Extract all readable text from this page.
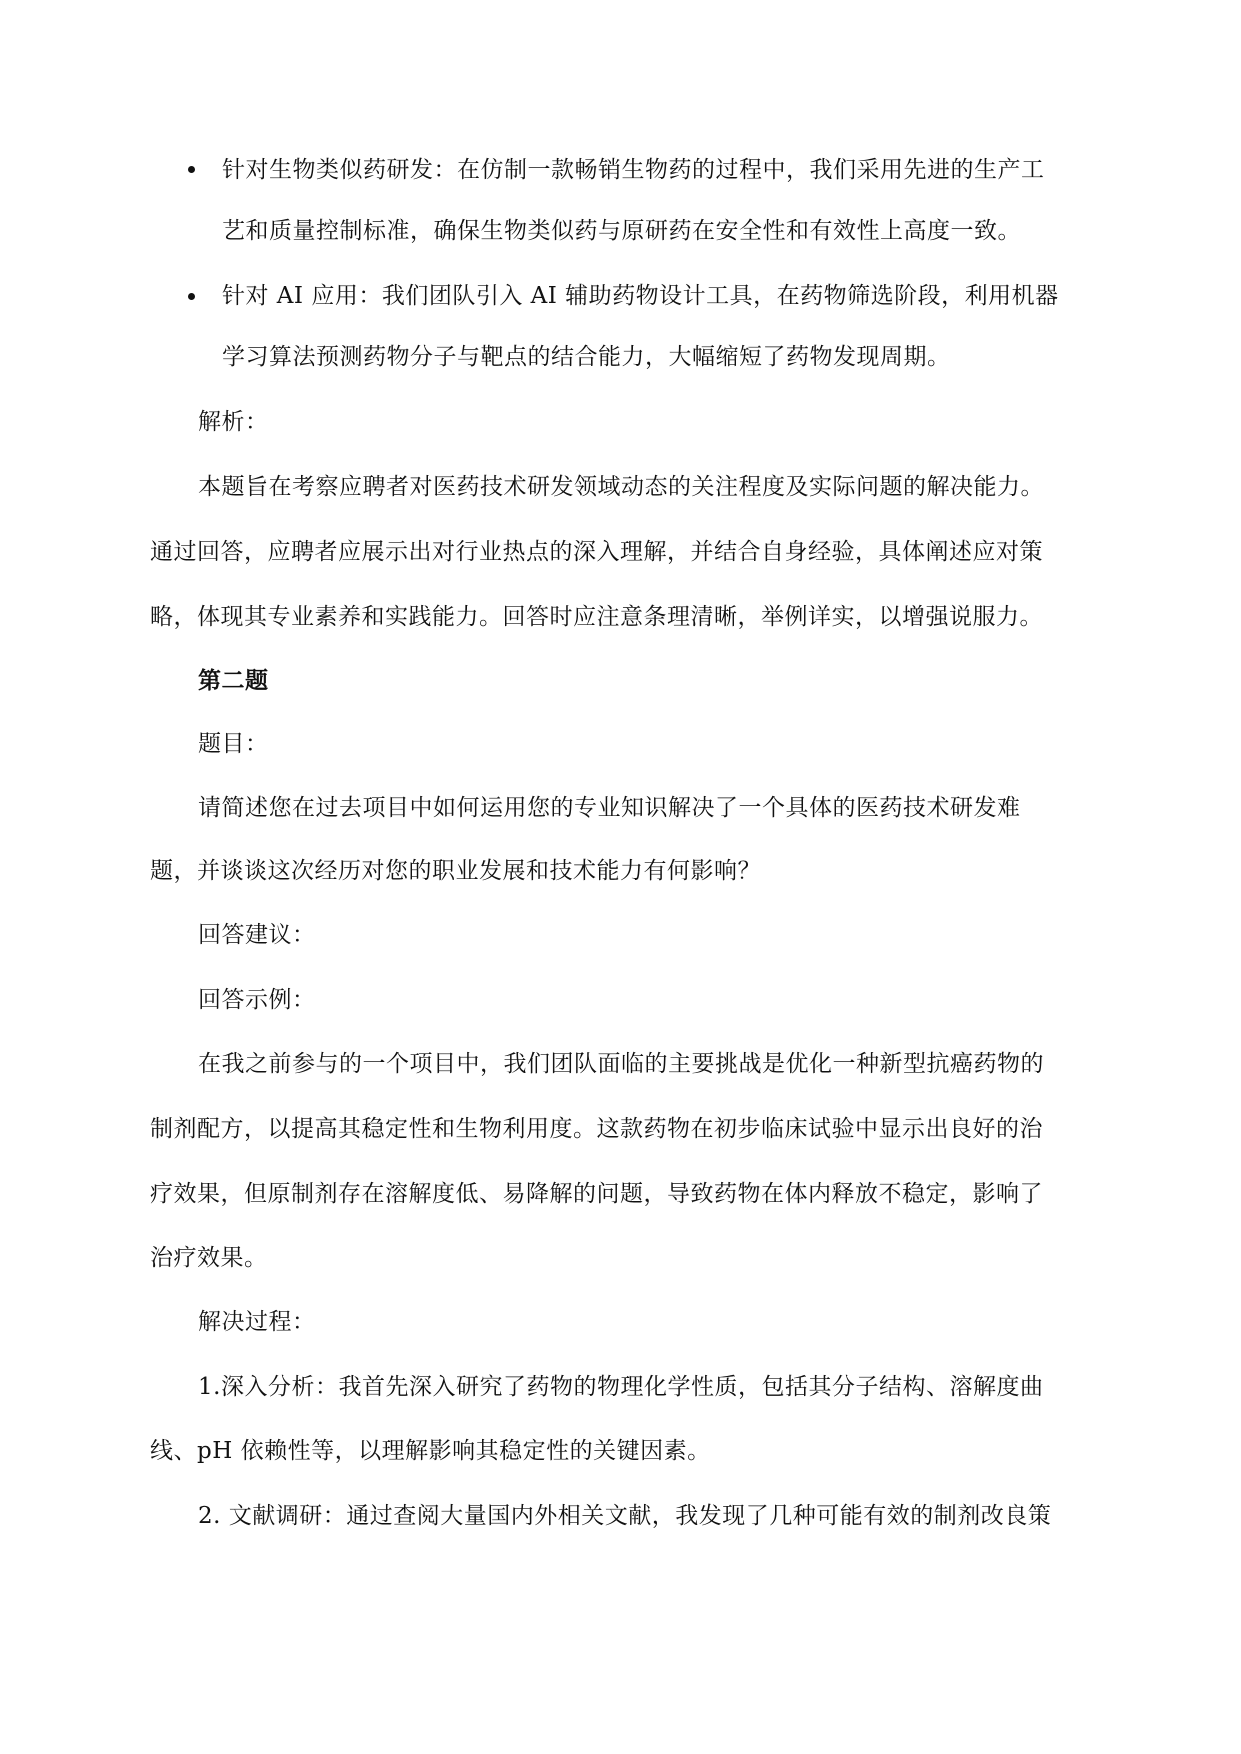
针对生物类似药研发：在仿制一款畅销生物药的过程中，我们采用先进的生产工
艺和质量控制标准，确保生物类似药与原研药在安全性和有效性上高度一致。
针对 AI 应用：我们团队引入 AI 辅助药物设计工具，在药物筛选阶段，利用机器
学习算法预测药物分子与靶点的结合能力，大幅缩短了药物发现周期。
解析：
本题旨在考察应聘者对医药技术研发领域动态的关注程度及实际问题的解决能力。
通过回答，应聘者应展示出对行业热点的深入理解，并结合自身经验，具体阐述应对策
略，体现其专业素养和实践能力。回答时应注意条理清晰，举例详实，以增强说服力。
第二题
题目：
请简述您在过去项目中如何运用您的专业知识解决了一个具体的医药技术研发难
题，并谈谈这次经历对您的职业发展和技术能力有何影响？
回答建议：
回答示例：
在我之前参与的一个项目中，我们团队面临的主要挑战是优化一种新型抗癌药物的
制剂配方，以提高其稳定性和生物利用度。这款药物在初步临床试验中显示出良好的治
疗效果，但原制剂存在溶解度低、易降解的问题，导致药物在体内释放不稳定，影响了
治疗效果。
解决过程：
1.深入分析：我首先深入研究了药物的物理化学性质，包括其分子结构、溶解度曲
线、pH 依赖性等，以理解影响其稳定性的关键因素。
2. 文献调研：通过查阅大量国内外相关文献，我发现了几种可能有效的制剂改良策
